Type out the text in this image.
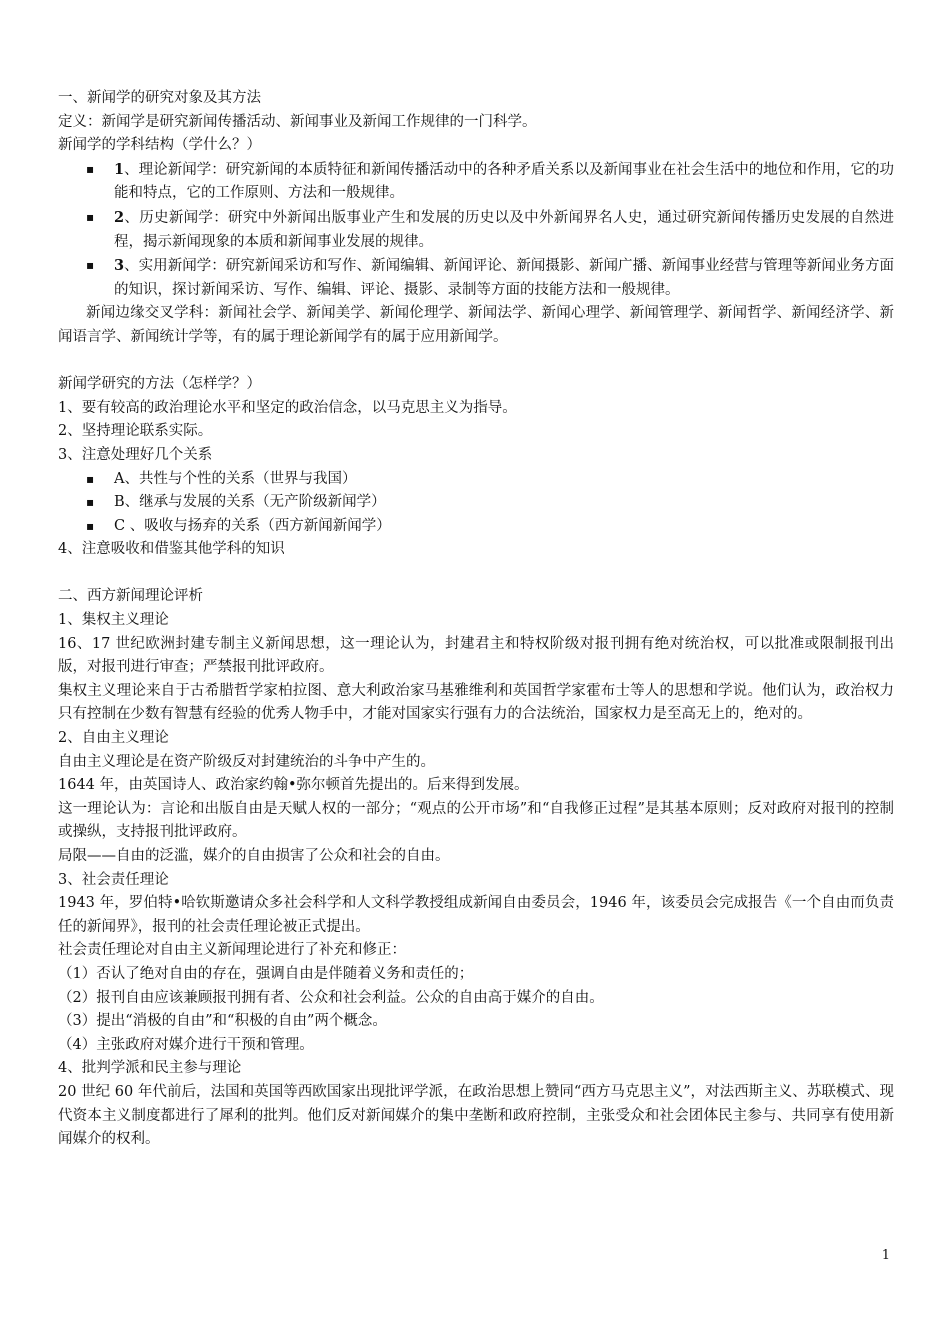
一、新闻学的研究对象及其方法

定义：新闻学是研究新闻传播活动、新闻事业及新闻工作规律的一门科学。

新闻学的学科结构（学什么？）

▪ 1、理论新闻学：研究新闻的本质特征和新闻传播活动中的各种矛盾关系以及新闻事业在社会生活中的地位和作用，它的功能和特点，它的工作原则、方法和一般规律。
▪ 2、历史新闻学：研究中外新闻出版事业产生和发展的历史以及中外新闻界名人史，通过研究新闻传播历史发展的自然进程，揭示新闻现象的本质和新闻事业发展的规律。
▪ 3、实用新闻学：研究新闻采访和写作、新闻编辑、新闻评论、新闻摄影、新闻广播、新闻事业经营与管理等新闻业务方面的知识，探讨新闻采访、写作、编辑、评论、摄影、录制等方面的技能方法和一般规律。

新闻边缘交叉学科：新闻社会学、新闻美学、新闻伦理学、新闻法学、新闻心理学、新闻管理学、新闻哲学、新闻经济学、新闻语言学、新闻统计学等，有的属于理论新闻学有的属于应用新闻学。

新闻学研究的方法（怎样学？）

1、要有较高的政治理论水平和坚定的政治信念，以马克思主义为指导。

2、坚持理论联系实际。

3、注意处理好几个关系

▪ A、共性与个性的关系（世界与我国）
▪ B、继承与发展的关系（无产阶级新闻学）
▪ C 、吸收与扬弃的关系（西方新闻新闻学）

4、注意吸收和借鉴其他学科的知识

二、西方新闻理论评析

1、集权主义理论

16、17 世纪欧洲封建专制主义新闻思想，这一理论认为，封建君主和特权阶级对报刊拥有绝对统治权，可以批准或限制报刊出版，对报刊进行审查；严禁报刊批评政府。

集权主义理论来自于古希腊哲学家柏拉图、意大利政治家马基雅维利和英国哲学家霍布士等人的思想和学说。他们认为，政治权力只有控制在少数有智慧有经验的优秀人物手中，才能对国家实行强有力的合法统治，国家权力是至高无上的，绝对的。

2、自由主义理论

自由主义理论是在资产阶级反对封建统治的斗争中产生的。

1644 年，由英国诗人、政治家约翰•弥尔顿首先提出的。后来得到发展。

这一理论认为：言论和出版自由是天赋人权的一部分；“观点的公开市场”和“自我修正过程”是其基本原则；反对政府对报刊的控制或操纵，支持报刊批评政府。

局限——自由的泛滥，媒介的自由损害了公众和社会的自由。

3、社会责任理论

1943 年，罗伯特•哈钦斯邀请众多社会科学和人文科学教授组成新闻自由委员会，1946 年，该委员会完成报告《一个自由而负责任的新闻界》，报刊的社会责任理论被正式提出。

社会责任理论对自由主义新闻理论进行了补充和修正：

（1）否认了绝对自由的存在，强调自由是伴随着义务和责任的；

（2）报刊自由应该兼顾报刊拥有者、公众和社会利益。公众的自由高于媒介的自由。

（3）提出“消极的自由”和“积极的自由”两个概念。

（4）主张政府对媒介进行干预和管理。

4、批判学派和民主参与理论

20 世纪 60 年代前后，法国和英国等西欧国家出现批评学派，在政治思想上赞同“西方马克思主义”，对法西斯主义、苏联模式、现代资本主义制度都进行了犀利的批判。他们反对新闻媒介的集中垄断和政府控制，主张受众和社会团体民主参与、共同享有使用新闻媒介的权利。

1
